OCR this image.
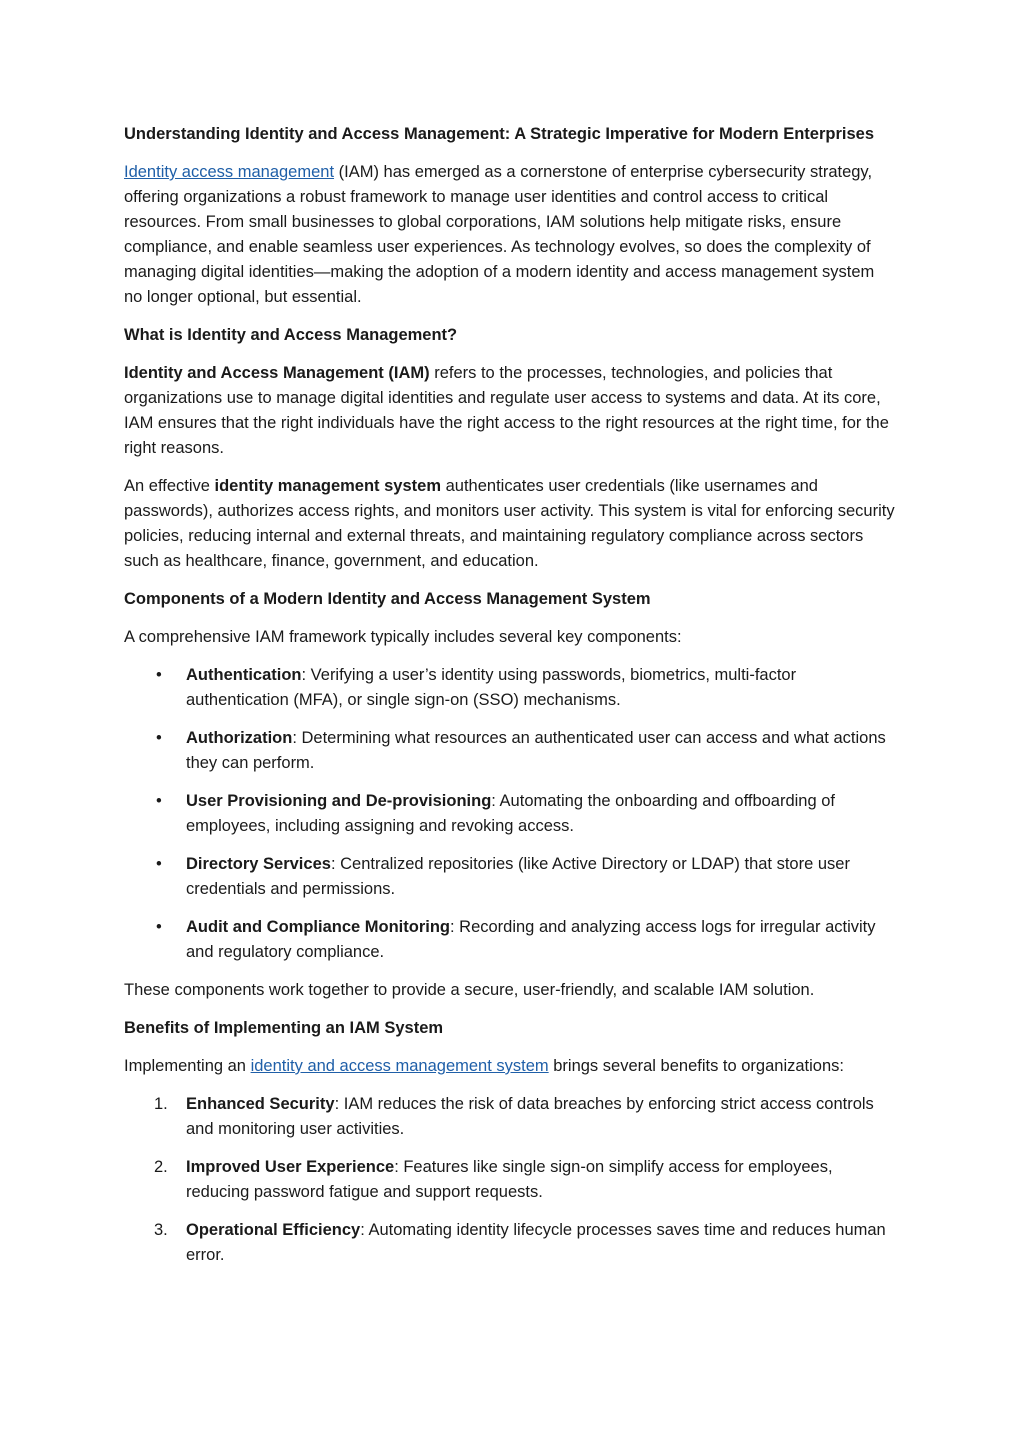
Understanding Identity and Access Management: A Strategic Imperative for Modern Enterprises

Identity access management (IAM) has emerged as a cornerstone of enterprise cybersecurity strategy, offering organizations a robust framework to manage user identities and control access to critical resources. From small businesses to global corporations, IAM solutions help mitigate risks, ensure compliance, and enable seamless user experiences. As technology evolves, so does the complexity of managing digital identities—making the adoption of a modern identity and access management system no longer optional, but essential.

What is Identity and Access Management?

Identity and Access Management (IAM) refers to the processes, technologies, and policies that organizations use to manage digital identities and regulate user access to systems and data. At its core, IAM ensures that the right individuals have the right access to the right resources at the right time, for the right reasons.

An effective identity management system authenticates user credentials (like usernames and passwords), authorizes access rights, and monitors user activity. This system is vital for enforcing security policies, reducing internal and external threats, and maintaining regulatory compliance across sectors such as healthcare, finance, government, and education.

Components of a Modern Identity and Access Management System

A comprehensive IAM framework typically includes several key components:

•	Authentication: Verifying a user’s identity using passwords, biometrics, multi-factor authentication (MFA), or single sign-on (SSO) mechanisms.
•	Authorization: Determining what resources an authenticated user can access and what actions they can perform.
•	User Provisioning and De-provisioning: Automating the onboarding and offboarding of employees, including assigning and revoking access.
•	Directory Services: Centralized repositories (like Active Directory or LDAP) that store user credentials and permissions.
•	Audit and Compliance Monitoring: Recording and analyzing access logs for irregular activity and regulatory compliance.

These components work together to provide a secure, user-friendly, and scalable IAM solution.

Benefits of Implementing an IAM System

Implementing an identity and access management system brings several benefits to organizations:

1.	Enhanced Security: IAM reduces the risk of data breaches by enforcing strict access controls and monitoring user activities.
2.	Improved User Experience: Features like single sign-on simplify access for employees, reducing password fatigue and support requests.
3.	Operational Efficiency: Automating identity lifecycle processes saves time and reduces human error.
